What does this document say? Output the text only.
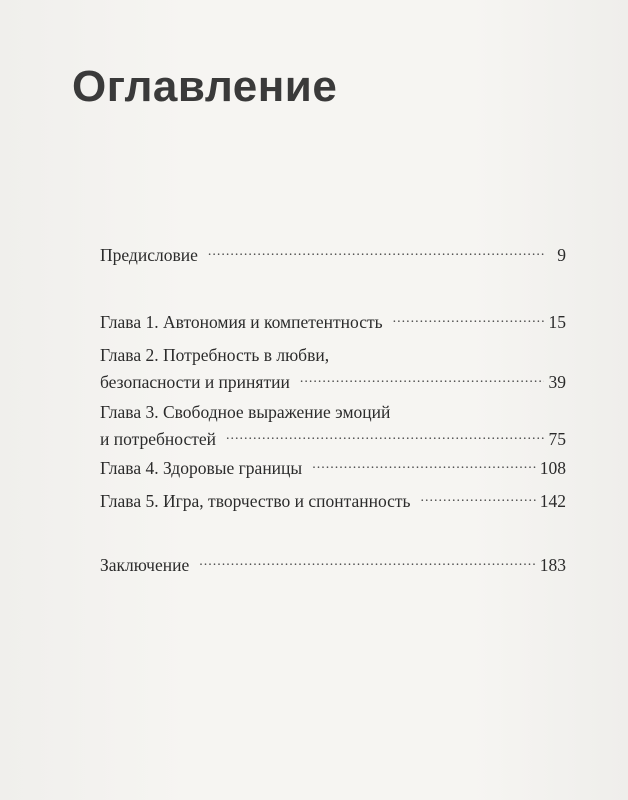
Оглавление
Предисловие .....	9
Глава 1. Автономия и компетентность .....	15
Глава 2. Потребность в любви,
безопасности и принятии .....	39
Глава 3. Свободное выражение эмоций
и потребностей .....	75
Глава 4. Здоровые границы .....	108
Глава 5. Игра, творчество и спонтанность .....	142
Заключение .....	183
